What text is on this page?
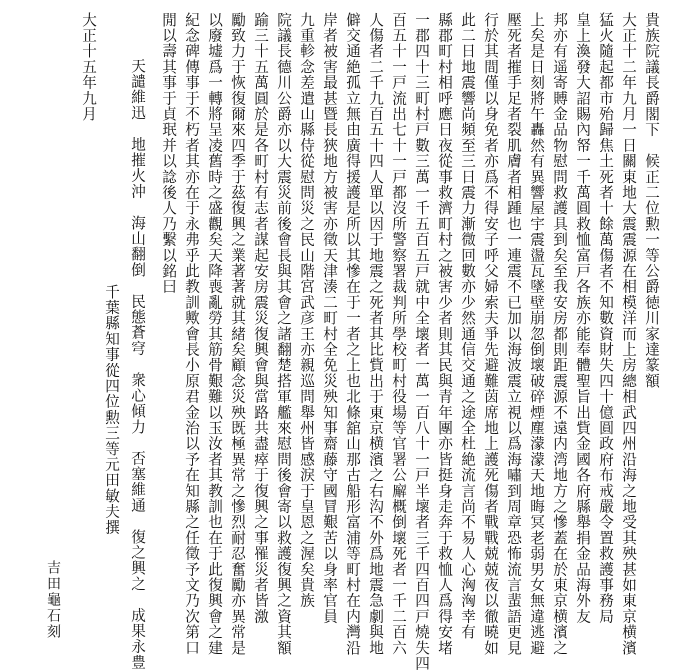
貴族院議長爵閣下　候正二位勲一等公爵徳川家達篆額
大正十二年九月一日關東地大震震源在相模洋而上房總相武四州沿海之地受其殃甚如東京横濱
猛火隨起都市殆歸焦土死者十餘萬傷者不知數資財失四十億圓政府布戒嚴令置救護事務局
皇上渙發大詔賜內帑一千萬圓救恤富戸各族亦能奉體聖旨出貲金國各府縣舉捐金品海外友
邦亦有遥寄賻金品物慰問救護具到矣至我安房都則距震源不遠内湾地方之慘蓋在於東京横濱之
上矣是日刻將午轟然有異響屋宇震盪瓦墜壁崩忽倒壞破碎煙塵濛濛天地晦冥老弱男女無違逃避
壓死者摧手足者裂肌膚者相踵也一連震不已加以海波震立視以爲海嘯到周章恐怖流言蜚語更見
行於其間僅以身免者亦爲不得安子呼父婦索夫爭先避難茵席地上護死傷者戰戰兢兢夜以徹曉如
此二日地震響尚頻至三日震力漸微回數亦少然通信交通之途全杜絶流言尚不易人心洶洶幸有
縣郡町村相呼應日夜從事救濟町村之被害少者則其民與青年團亦皆挺身走奔于救恤人爲得安堵
一郡四十三町村戸數三萬一千五百五戸就中全壞者一萬一百八十一戸半壞者三千四百四戸燒失四
百五十一戸流出七十一戸都沒所警察署裁判所學校町村役場等官署公廨概倒壞死者一千二百六
人傷者二千九百五十四人單以因于地震之死者其比貲出于東京横濱之右沟不外爲地震急劇與地
僻交通絶孤立無由廣得援護是所以其慘在于一者之上也北條舘山那古船形富浦等町村在内灣沿
岸者被害最甚暨長狹地方被害亦徵天津湊二町村全免災殃知事齋藤守國冒艱苦以身率官員
九重軫念差遣山縣侍從慰問災之民山階宮武彦王亦親巡問舉州皆感淚于皇恩之渥矣貴族
院議長德川公爵亦以大震災前後會長與其會之諸翻楚搭軍艦來慰問後會寄以救護復興之資其額
踰三十五萬圓於是各町村有志者謀起安房震災復興會與當路共盡瘁于復興之事罹災者皆激
勵致力于恢復爾來四季于茲復興之業著著就其緒矣顧念災殃既極異常之慘烈耐忍奮勵亦異常是
以廢墟爲一轉將呈凌舊時之盛觀矣天降喪亂勞其筋骨艱難以玉汝者其教訓也在于此復興會之建
紀念碑傳事于不朽者其亦在于永弗乎此教訓歟會長小原君金治以予在知縣之任徵予文乃次第口
閒以壽其事于貞珉并以諗後人乃繫以銘曰
天譴維迅　地摧火沖　海山翻倒　民態蒼穹　衆心傾力　否塞維通　復之興之　成果永豊
千葉縣知事從四位勲三等元田敏夫撰
大正十五年九月
吉田龜石刻
